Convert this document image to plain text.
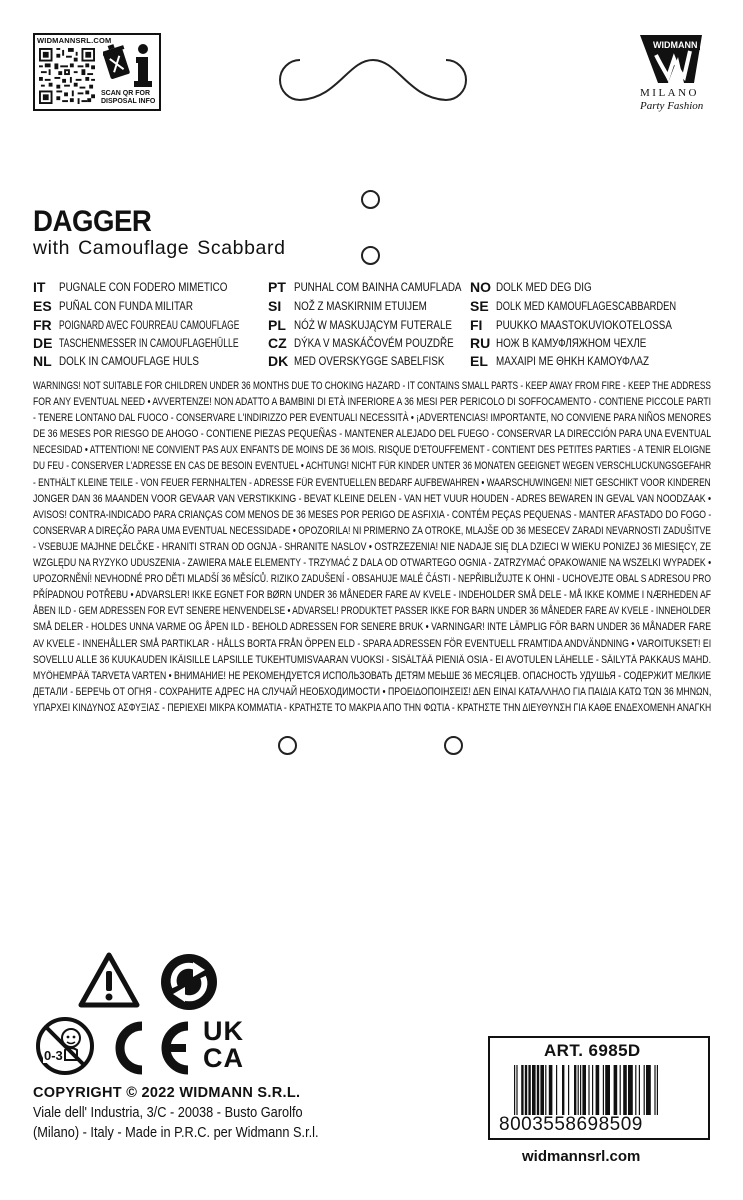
WIDMANNSRL.COM
SCAN QR FOR
DISPOSAL INFO
WIDMANN
MILANO
Party Fashion
DAGGER
with Camouflage Scabbard
IT PUGNALE CON FODERO MIMETICO
ES PUÑAL CON FUNDA MILITAR
FR POIGNARD AVEC FOURREAU CAMOUFLAGE
DE TASCHENMESSER IN CAMOUFLAGEHÜLLE
NL DOLK IN CAMOUFLAGE HULS
PT PUNHAL COM BAINHA CAMUFLADA
SI NOŽ Z MASKIRNIM ETUIJEM
PL NÓŻ W MASKUJĄCYM FUTERALE
CZ DÝKA V MASKÁČOVÉM POUZDŘE
DK MED OVERSKYGGE SABELFISK
NO DOLK MED DEG DIG
SE DOLK MED KAMOUFLAGESCABBARDEN
FI PUUKKO MAASTOKUVIOKOTELOSSA
RU НОЖ В КАМУФЛЯЖНОМ ЧЕХЛЕ
EL ΜΑΧΑΙΡΙ ΜΕ ΘΗΚΗ ΚΑΜΟΥΦΛΑΖ
WARNINGS! NOT SUITABLE FOR CHILDREN UNDER 36 MONTHS DUE TO CHOKING HAZARD - IT CONTAINS SMALL PARTS - KEEP AWAY FROM FIRE - KEEP THE ADDRESS
FOR ANY EVENTUAL NEED • AVVERTENZE! NON ADATTO A BAMBINI DI ETÀ INFERIORE A 36 MESI PER PERICOLO DI SOFFOCAMENTO - CONTIENE PICCOLE PARTI
- TENERE LONTANO DAL FUOCO - CONSERVARE L'INDIRIZZO PER EVENTUALI NECESSITÀ • ¡ADVERTENCIAS! IMPORTANTE, NO CONVIENE PARA NIÑOS MENORES
DE 36 MESES POR RIESGO DE AHOGO - CONTIENE PIEZAS PEQUEÑAS - MANTENER ALEJADO DEL FUEGO - CONSERVAR LA DIRECCIÓN PARA UNA EVENTUAL
NECESIDAD • ATTENTION! NE CONVIENT PAS AUX ENFANTS DE MOINS DE 36 MOIS. RISQUE D'ETOUFFEMENT - CONTIENT DES PETITES PARTIES - A TENIR ELOIGNE
DU FEU - CONSERVER L'ADRESSE EN CAS DE BESOIN EVENTUEL • ACHTUNG! NICHT FÜR KINDER UNTER 36 MONATEN GEEIGNET WEGEN VERSCHLUCKUNGSGEFAHR
- ENTHÄLT KLEINE TEILE - VON FEUER FERNHALTEN - ADRESSE FÜR EVENTUELLEN BEDARF AUFBEWAHREN • WAARSCHUWINGEN! NIET GESCHIKT VOOR KINDEREN
JONGER DAN 36 MAANDEN VOOR GEVAAR VAN VERSTIKKING - BEVAT KLEINE DELEN - VAN HET VUUR HOUDEN - ADRES BEWAREN IN GEVAL VAN NOODZAAK •
AVISOS! CONTRA-INDICADO PARA CRIANÇAS COM MENOS DE 36 MESES POR PERIGO DE ASFIXIA - CONTÉM PEÇAS PEQUENAS - MANTER AFASTADO DO FOGO -
CONSERVAR A DIREÇÃO PARA UMA EVENTUAL NECESSIDADE • OPOZORILA! NI PRIMERNO ZA OTROKE, MLAJŠE OD 36 MESECEV ZARADI NEVARNOSTI ZADUŠITVE
- VSEBUJE MAJHNE DELČKE - HRANITI STRAN OD OGNJA - SHRANITE NASLOV • OSTRZEZENIA! NIE NADAJE SIĘ DLA DZIECI W WIEKU PONIZEJ 36 MIESIĘCY, ZE
WZGLĘDU NA RYZYKO UDUSZENIA - ZAWIERA MAŁE ELEMENTY - TRZYMAĆ Z DALA OD OTWARTEGO OGNIA - ZATRZYMAĆ OPAKOWANIE NA WSZELKI WYPADEK •
UPOZORNĚNÍ! NEVHODNÉ PRO DĚTI MLADŠÍ 36 MĚSÍCŮ. RIZIKO ZADUŠENÍ - OBSAHUJE MALÉ ČÁSTI - NEPŘIBLIŽUJTE K OHNI - UCHOVEJTE OBAL S ADRESOU PRO
PŘÍPADNOU POTŘEBU • ADVARSLER! IKKE EGNET FOR BØRN UNDER 36 MÅNEDER FARE AV KVELE - INDEHOLDER SMÅ DELE - MÅ IKKE KOMME I NÆRHEDEN AF
ÅBEN ILD - GEM ADRESSEN FOR EVT SENERE HENVENDELSE • ADVARSEL! PRODUKTET PASSER IKKE FOR BARN UNDER 36 MÅNEDER FARE AV KVELE - INNEHOLDER
SMÅ DELER - HOLDES UNNA VARME OG ÅPEN ILD - BEHOLD ADRESSEN FOR SENERE BRUK • VARNINGAR! INTE LÄMPLIG FÖR BARN UNDER 36 MÅNADER FARE
AV KVELE - INNEHÅLLER SMÅ PARTIKLAR - HÅLLS BORTA FRÅN ÖPPEN ELD - SPARA ADRESSEN FÖR EVENTUELL FRAMTIDA ANDVÄNDNING • VAROITUKSET! EI
SOVELLU ALLE 36 KUUKAUDEN IKÄISILLE LAPSILLE TUKEHTUMISVAARAN VUOKSI - SISÄLTÄÄ PIENIÄ OSIA - EI AVOTULEN LÄHELLE - SÄILYTÄ PAKKAUS MAHD.
MYÖHEMPÄÄ TARVETA VARTEN • ВНИМАНИЕ! НЕ РЕКОМЕНДУЕТСЯ ИСПОЛЬЗОВАТЬ ДЕТЯМ МЕЬШЕ 36 МЕСЯЦЕВ. ОПАСНОСТЬ УДУШЬЯ - СОДЕРЖИТ МЕЛКИЕ
ДЕТАЛИ - БЕРЕЧЬ ОТ ОГНЯ - СОХРАНИТЕ АДРЕС НА СЛУЧАЙ НЕОБХОДИМОСТИ • ΠΡΟΕΙΔΟΠΟΙΗΣΕΙΣ! ΔΕΝ ΕΙΝΑΙ ΚΑΤΑΛΛΗΛΟ ΓΙΑ ΠΑΙΔΙΑ ΚΑΤΩ ΤΩΝ 36 ΜΗΝΩΝ,
ΥΠΑΡΧΕΙ ΚΙΝΔΥΝΟΣ ΑΣΦΥΞΙΑΣ - ΠΕΡΙΕΧΕΙ ΜΙΚΡΑ ΚΟΜΜΑΤΙΑ - ΚΡΑΤΗΣΤΕ ΤΟ ΜΑΚΡΙΑ ΑΠΟ ΤΗΝ ΦΩΤΙΑ - ΚΡΑΤΗΣΤΕ ΤΗΝ ΔΙΕΥΘΥΝΣΗ ΓΙΑ ΚΑΘΕ ΕΝΔΕΧΟΜΕΝΗ ΑΝΑΓΚΗ
0-3
UK
CA
COPYRIGHT © 2022 WIDMANN S.R.L.
Viale dell' Industria, 3/C - 20038 - Busto Garolfo
(Milano) - Italy - Made in P.R.C. per Widmann S.r.l.
ART. 6985D
8003558698509
widmannsrl.com
